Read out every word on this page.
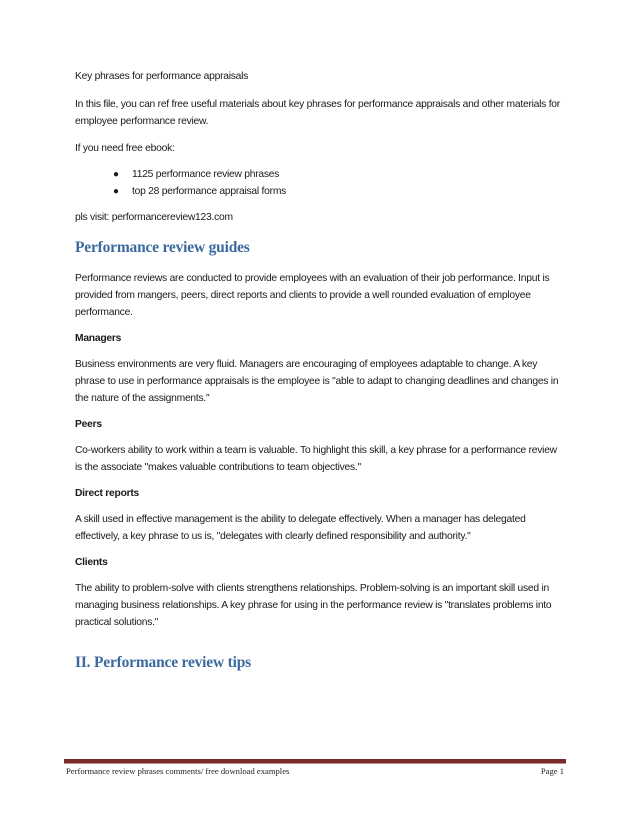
Key phrases for performance appraisals

In this file, you can ref free useful materials about key phrases for performance appraisals and other materials for employee performance review.

If you need free ebook:

● 1125 performance review phrases
● top 28 performance appraisal forms

pls visit: performancereview123.com

Performance review guides

Performance reviews are conducted to provide employees with an evaluation of their job performance. Input is provided from mangers, peers, direct reports and clients to provide a well rounded evaluation of employee performance.

Managers

Business environments are very fluid. Managers are encouraging of employees adaptable to change. A key phrase to use in performance appraisals is the employee is "able to adapt to changing deadlines and changes in the nature of the assignments."

Peers

Co-workers ability to work within a team is valuable. To highlight this skill, a key phrase for a performance review is the associate "makes valuable contributions to team objectives."

Direct reports

A skill used in effective management is the ability to delegate effectively. When a manager has delegated effectively, a key phrase to us is, "delegates with clearly defined responsibility and authority."

Clients

The ability to problem-solve with clients strengthens relationships. Problem-solving is an important skill used in managing business relationships. A key phrase for using in the performance review is "translates problems into practical solutions."

II. Performance review tips
Performance review phrases comments/ free download examples	Page 1
